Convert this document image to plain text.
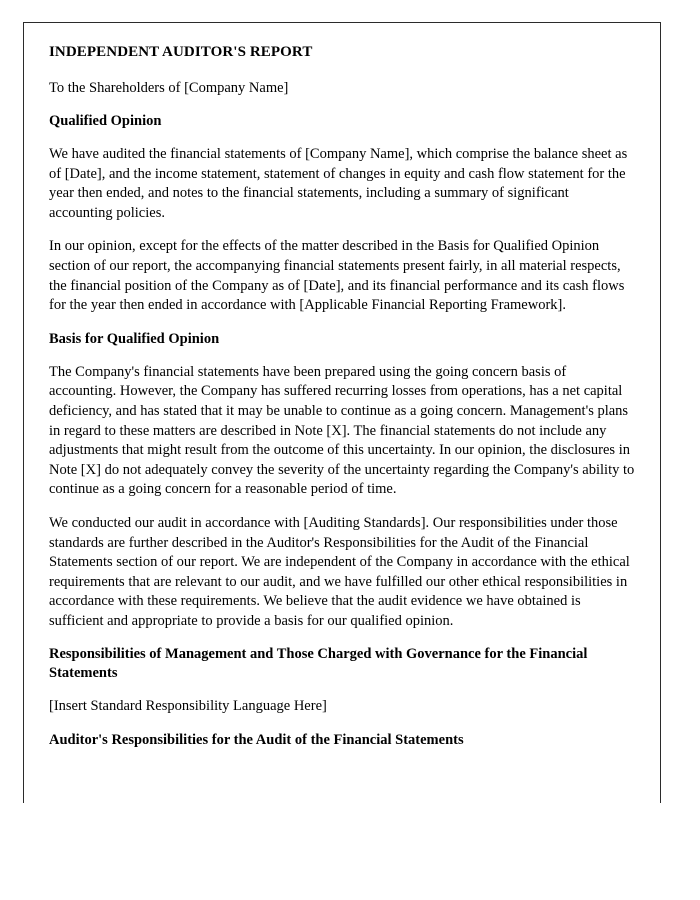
INDEPENDENT AUDITOR'S REPORT

To the Shareholders of [Company Name]

Qualified Opinion

We have audited the financial statements of [Company Name], which comprise the balance sheet as of [Date], and the income statement, statement of changes in equity and cash flow statement for the year then ended, and notes to the financial statements, including a summary of significant accounting policies.

In our opinion, except for the effects of the matter described in the Basis for Qualified Opinion section of our report, the accompanying financial statements present fairly, in all material respects, the financial position of the Company as of [Date], and its financial performance and its cash flows for the year then ended in accordance with [Applicable Financial Reporting Framework].

Basis for Qualified Opinion

The Company's financial statements have been prepared using the going concern basis of accounting. However, the Company has suffered recurring losses from operations, has a net capital deficiency, and has stated that it may be unable to continue as a going concern. Management's plans in regard to these matters are described in Note [X]. The financial statements do not include any adjustments that might result from the outcome of this uncertainty. In our opinion, the disclosures in Note [X] do not adequately convey the severity of the uncertainty regarding the Company's ability to continue as a going concern for a reasonable period of time.

We conducted our audit in accordance with [Auditing Standards]. Our responsibilities under those standards are further described in the Auditor's Responsibilities for the Audit of the Financial Statements section of our report. We are independent of the Company in accordance with the ethical requirements that are relevant to our audit, and we have fulfilled our other ethical responsibilities in accordance with these requirements. We believe that the audit evidence we have obtained is sufficient and appropriate to provide a basis for our qualified opinion.

Responsibilities of Management and Those Charged with Governance for the Financial Statements

[Insert Standard Responsibility Language Here]

Auditor's Responsibilities for the Audit of the Financial Statements
